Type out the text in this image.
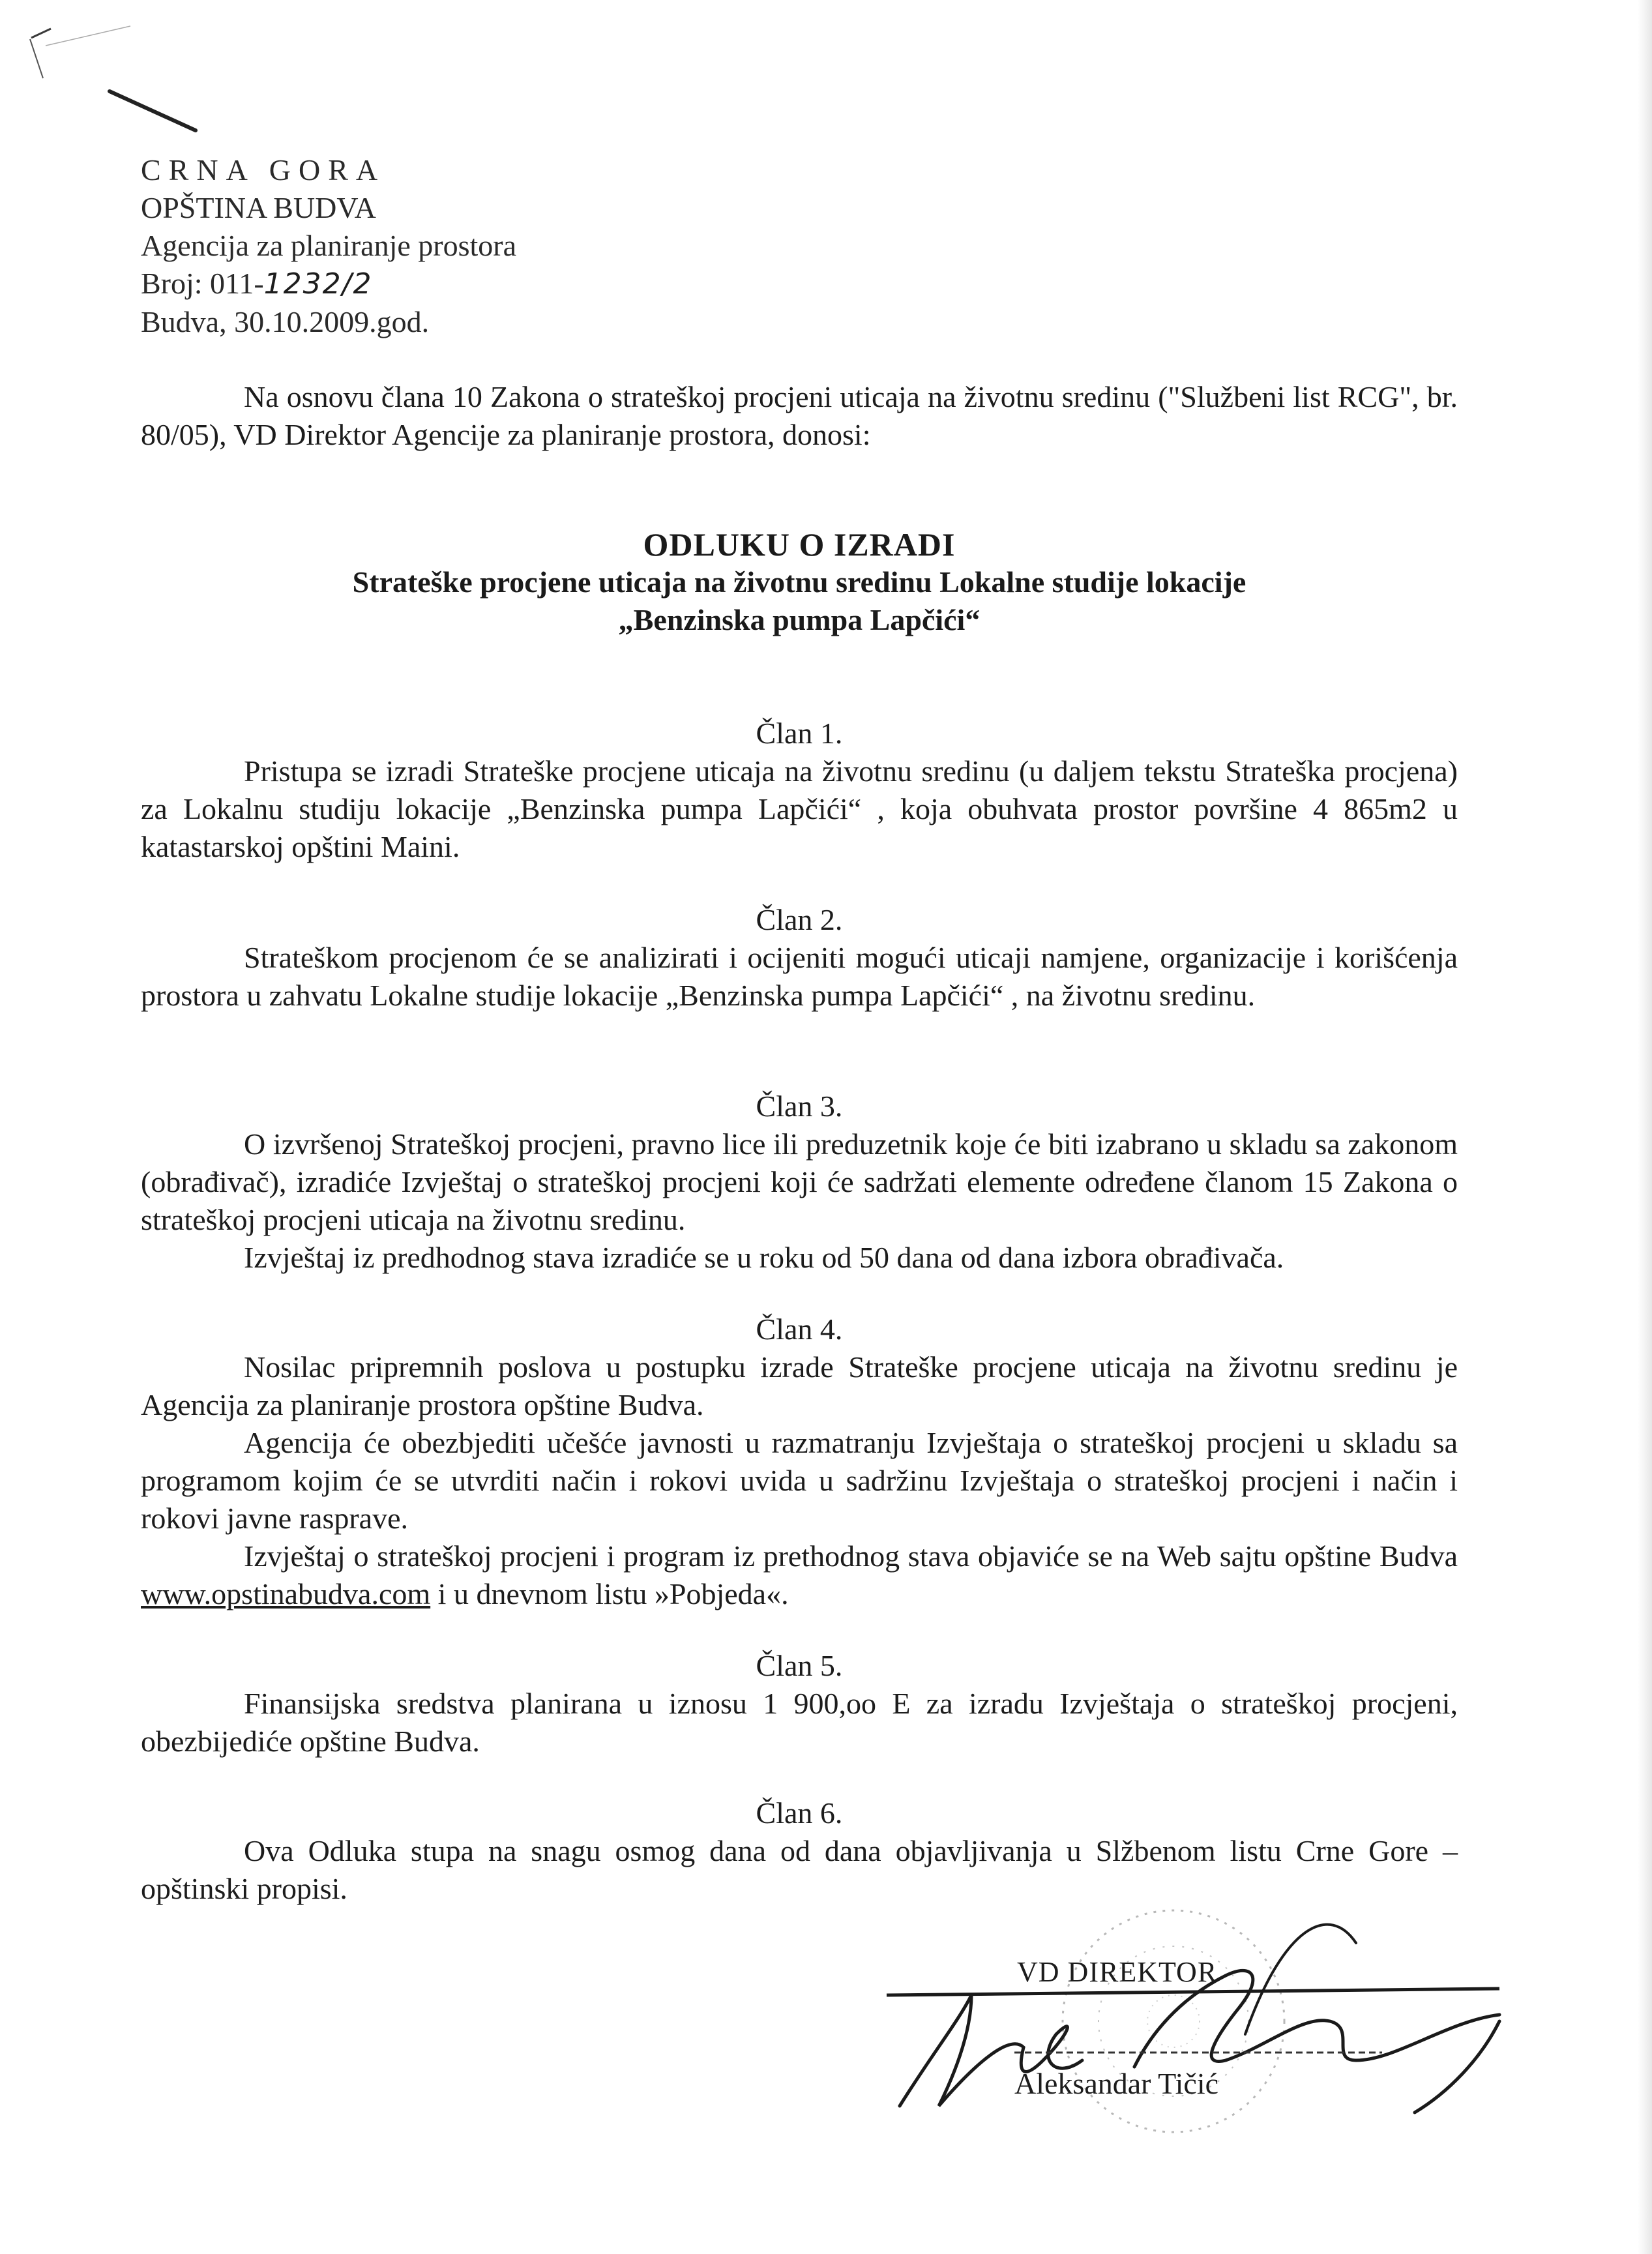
CRNA GORA
OPŠTINA BUDVA
Agencija za planiranje prostora
Broj: 011-1232/2
Budva, 30.10.2009.god.

Na osnovu člana 10 Zakona o strateškoj procjeni uticaja na životnu sredinu ("Službeni list RCG", br. 80/05), VD Direktor Agencije za planiranje prostora, donosi:

ODLUKU O IZRADI
Strateške procjene uticaja na životnu sredinu Lokalne studije lokacije
„Benzinska pumpa Lapčići“

Član 1.

Pristupa se izradi Strateške procjene uticaja na životnu sredinu (u daljem tekstu Strateška procjena) za Lokalnu studiju lokacije „Benzinska pumpa Lapčići“ , koja obuhvata prostor površine 4 865m2 u katastarskoj opštini Maini.

Član 2.

Strateškom procjenom će se analizirati i ocijeniti mogući uticaji namjene, organizacije i korišćenja prostora u zahvatu Lokalne studije lokacije „Benzinska pumpa Lapčići“ , na životnu sredinu.

Član 3.

O izvršenoj Strateškoj procjeni, pravno lice ili preduzetnik koje će biti izabrano u skladu sa zakonom (obrađivač), izradiće Izvještaj o strateškoj procjeni koji će sadržati elemente određene članom 15 Zakona o strateškoj procjeni uticaja na životnu sredinu.

Izvještaj iz predhodnog stava izradiće se u roku od 50 dana od dana izbora obrađivača.

Član 4.

Nosilac pripremnih poslova u postupku izrade Strateške procjene uticaja na životnu sredinu je Agencija za planiranje prostora opštine Budva.

Agencija će obezbjediti učešće javnosti u razmatranju Izvještaja o strateškoj procjeni u skladu sa programom kojim će se utvrditi način i rokovi uvida u sadržinu Izvještaja o strateškoj procjeni i način i rokovi javne rasprave.

Izvještaj o strateškoj procjeni i program iz prethodnog stava objaviće se na Web sajtu opštine Budva www.opstinabudva.com i u dnevnom listu »Pobjeda«.

Član 5.

Finansijska sredstva planirana u iznosu 1 900,oo E za izradu Izvještaja o strateškoj procjeni, obezbijediće opštine Budva.

Član 6.

Ova Odluka stupa na snagu osmog dana od dana objavljivanja u Slžbenom listu Crne Gore – opštinski propisi.

VD DIREKTOR
Aleksandar Tičić
